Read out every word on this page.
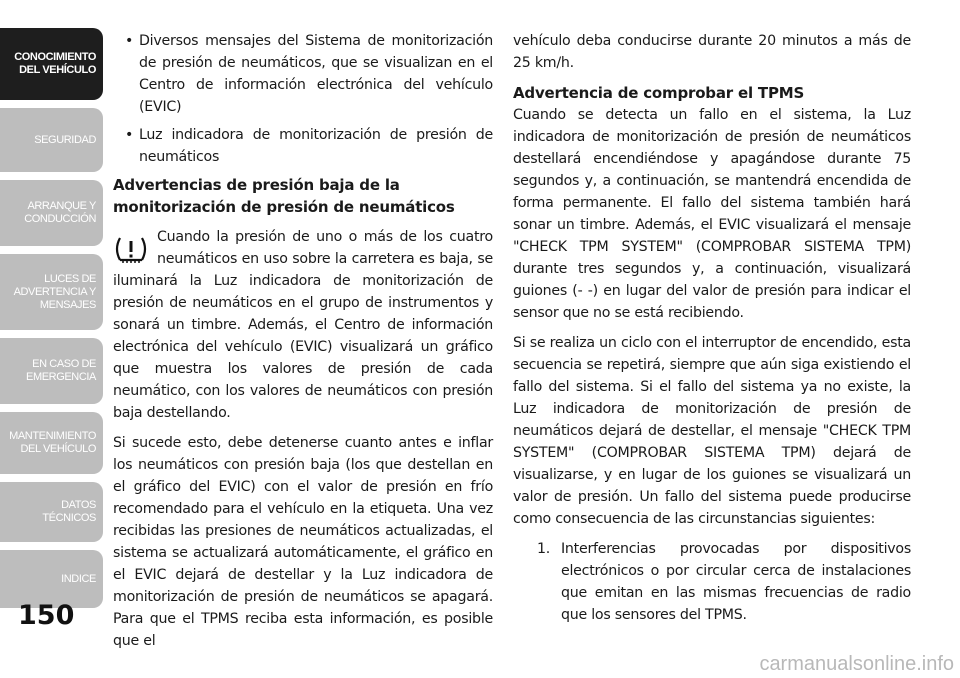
CONOCIMIENTO
DEL VEHÍCULO
SEGURIDAD
ARRANQUE Y
CONDUCCIÓN
LUCES DE
ADVERTENCIA Y
MENSAJES
EN CASO DE
EMERGENCIA
MANTENIMIENTO
DEL VEHÍCULO
DATOS
TÉCNICOS
INDICE
150
• Diversos mensajes del Sistema de monitorización de presión de neumáticos, que se visualizan en el Centro de información electrónica del vehículo (EVIC)
• Luz indicadora de monitorización de presión de neumáticos
Advertencias de presión baja de la monitorización de presión de neumáticos

Cuando la presión de uno o más de los cuatro neumáticos en uso sobre la carretera es baja, se iluminará la Luz indicadora de monitorización de presión de neumáticos en el grupo de instrumentos y sonará un timbre. Además, el Centro de información electrónica del vehículo (EVIC) visualizará un gráfico que muestra los valores de presión de cada neumático, con los valores de neumáticos con presión baja destellando.

Si sucede esto, debe detenerse cuanto antes e inflar los neumáticos con presión baja (los que destellan en el gráfico del EVIC) con el valor de presión en frío recomendado para el vehículo en la etiqueta. Una vez recibidas las presiones de neumáticos actualizadas, el sistema se actualizará automáticamente, el gráfico en el EVIC dejará de destellar y la Luz indicadora de monitorización de presión de neumáticos se apagará. Para que el TPMS reciba esta información, es posible que el

vehículo deba conducirse durante 20 minutos a más de 25 km/h.

Advertencia de comprobar el TPMS

Cuando se detecta un fallo en el sistema, la Luz indicadora de monitorización de presión de neumáticos destellará encendiéndose y apagándose durante 75 segundos y, a continuación, se mantendrá encendida de forma permanente. El fallo del sistema también hará sonar un timbre. Además, el EVIC visualizará el mensaje "CHECK TPM SYSTEM" (COMPROBAR SISTEMA TPM) durante tres segundos y, a continuación, visualizará guiones (- -) en lugar del valor de presión para indicar el sensor que no se está recibiendo.

Si se realiza un ciclo con el interruptor de encendido, esta secuencia se repetirá, siempre que aún siga existiendo el fallo del sistema. Si el fallo del sistema ya no existe, la Luz indicadora de monitorización de presión de neumáticos dejará de destellar, el mensaje "CHECK TPM SYSTEM" (COMPROBAR SISTEMA TPM) dejará de visualizarse, y en lugar de los guiones se visualizará un valor de presión. Un fallo del sistema puede producirse como consecuencia de las circunstancias siguientes:

1. Interferencias provocadas por dispositivos electrónicos o por circular cerca de instalaciones que emitan en las mismas frecuencias de radio que los sensores del TPMS.
carmanualsonline.info
